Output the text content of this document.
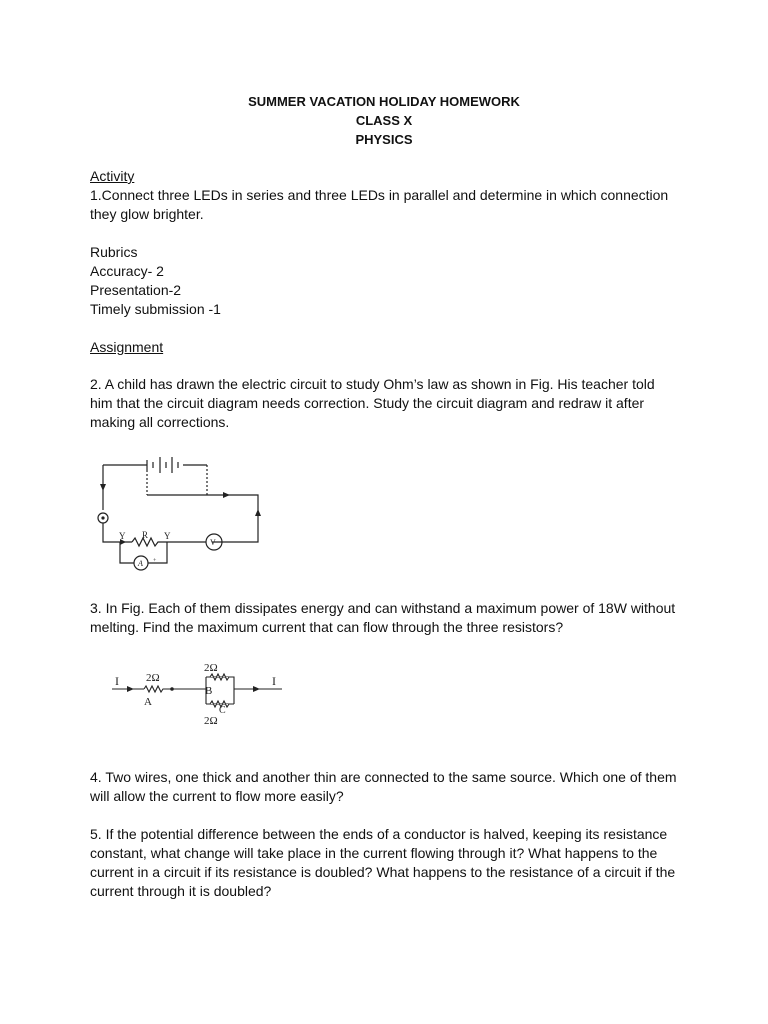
SUMMER VACATION HOLIDAY HOMEWORK
CLASS X
PHYSICS
Activity
1.Connect three LEDs in series and three LEDs in parallel and determine in which connection they glow brighter.
Rubrics
Accuracy- 2
Presentation-2
Timely submission -1
Assignment
2. A child has drawn the electric circuit to study Ohm’s law as shown in Fig. His teacher told him that the circuit diagram needs correction. Study the circuit diagram and redraw it after making all corrections.
Y R Y
V
A +
3. In Fig. Each of them dissipates energy and can withstand a maximum power of 18W without melting. Find the maximum current that can flow through the three resistors?
I 2Ω
A
2Ω
B
C
2Ω
I
4. Two wires, one thick and another thin are connected to the same source. Which one of them will allow the current to flow more easily?
5. If the potential difference between the ends of a conductor is halved, keeping its resistance constant, what change will take place in the current flowing through it? What happens to the current in a circuit if its resistance is doubled? What happens to the resistance of a circuit if the current through it is doubled?
